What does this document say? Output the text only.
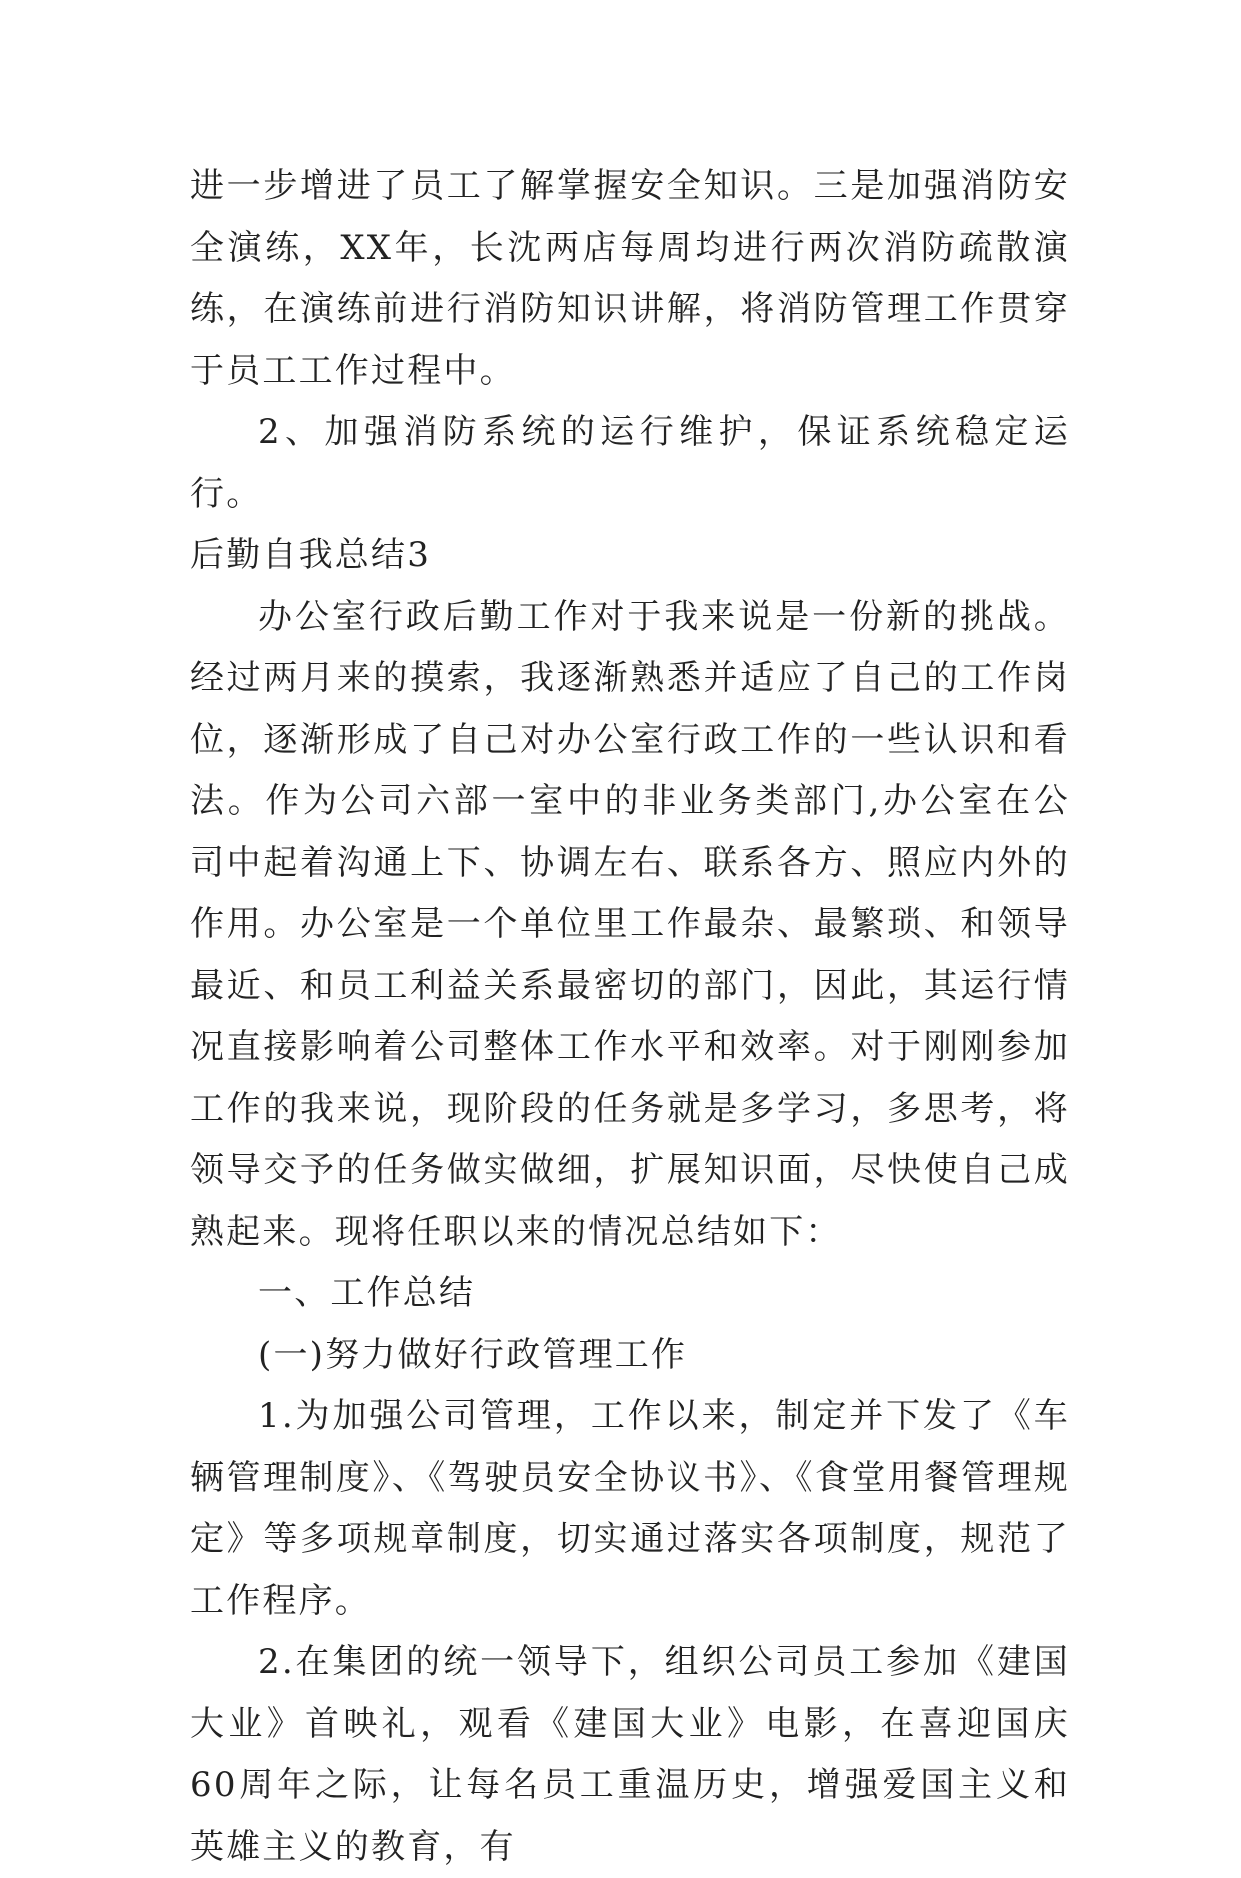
进一步增进了员工了解掌握安全知识。三是加强消防安全演练，XX年，长沈两店每周均进行两次消防疏散演练，在演练前进行消防知识讲解，将消防管理工作贯穿于员工工作过程中。

2、加强消防系统的运行维护，保证系统稳定运行。

后勤自我总结3

办公室行政后勤工作对于我来说是一份新的挑战。经过两月来的摸索，我逐渐熟悉并适应了自己的工作岗位，逐渐形成了自己对办公室行政工作的一些认识和看法。作为公司六部一室中的非业务类部门,办公室在公司中起着沟通上下、协调左右、联系各方、照应内外的作用。办公室是一个单位里工作最杂、最繁琐、和领导最近、和员工利益关系最密切的部门，因此，其运行情况直接影响着公司整体工作水平和效率。对于刚刚参加工作的我来说，现阶段的任务就是多学习，多思考，将领导交予的任务做实做细，扩展知识面，尽快使自己成熟起来。现将任职以来的情况总结如下：

一、工作总结

(一)努力做好行政管理工作

1.为加强公司管理，工作以来，制定并下发了《车辆管理制度》、《驾驶员安全协议书》、《食堂用餐管理规定》等多项规章制度，切实通过落实各项制度，规范了工作程序。

2.在集团的统一领导下，组织公司员工参加《建国大业》首映礼，观看《建国大业》电影，在喜迎国庆60周年之际，让每名员工重温历史，增强爱国主义和英雄主义的教育，有
